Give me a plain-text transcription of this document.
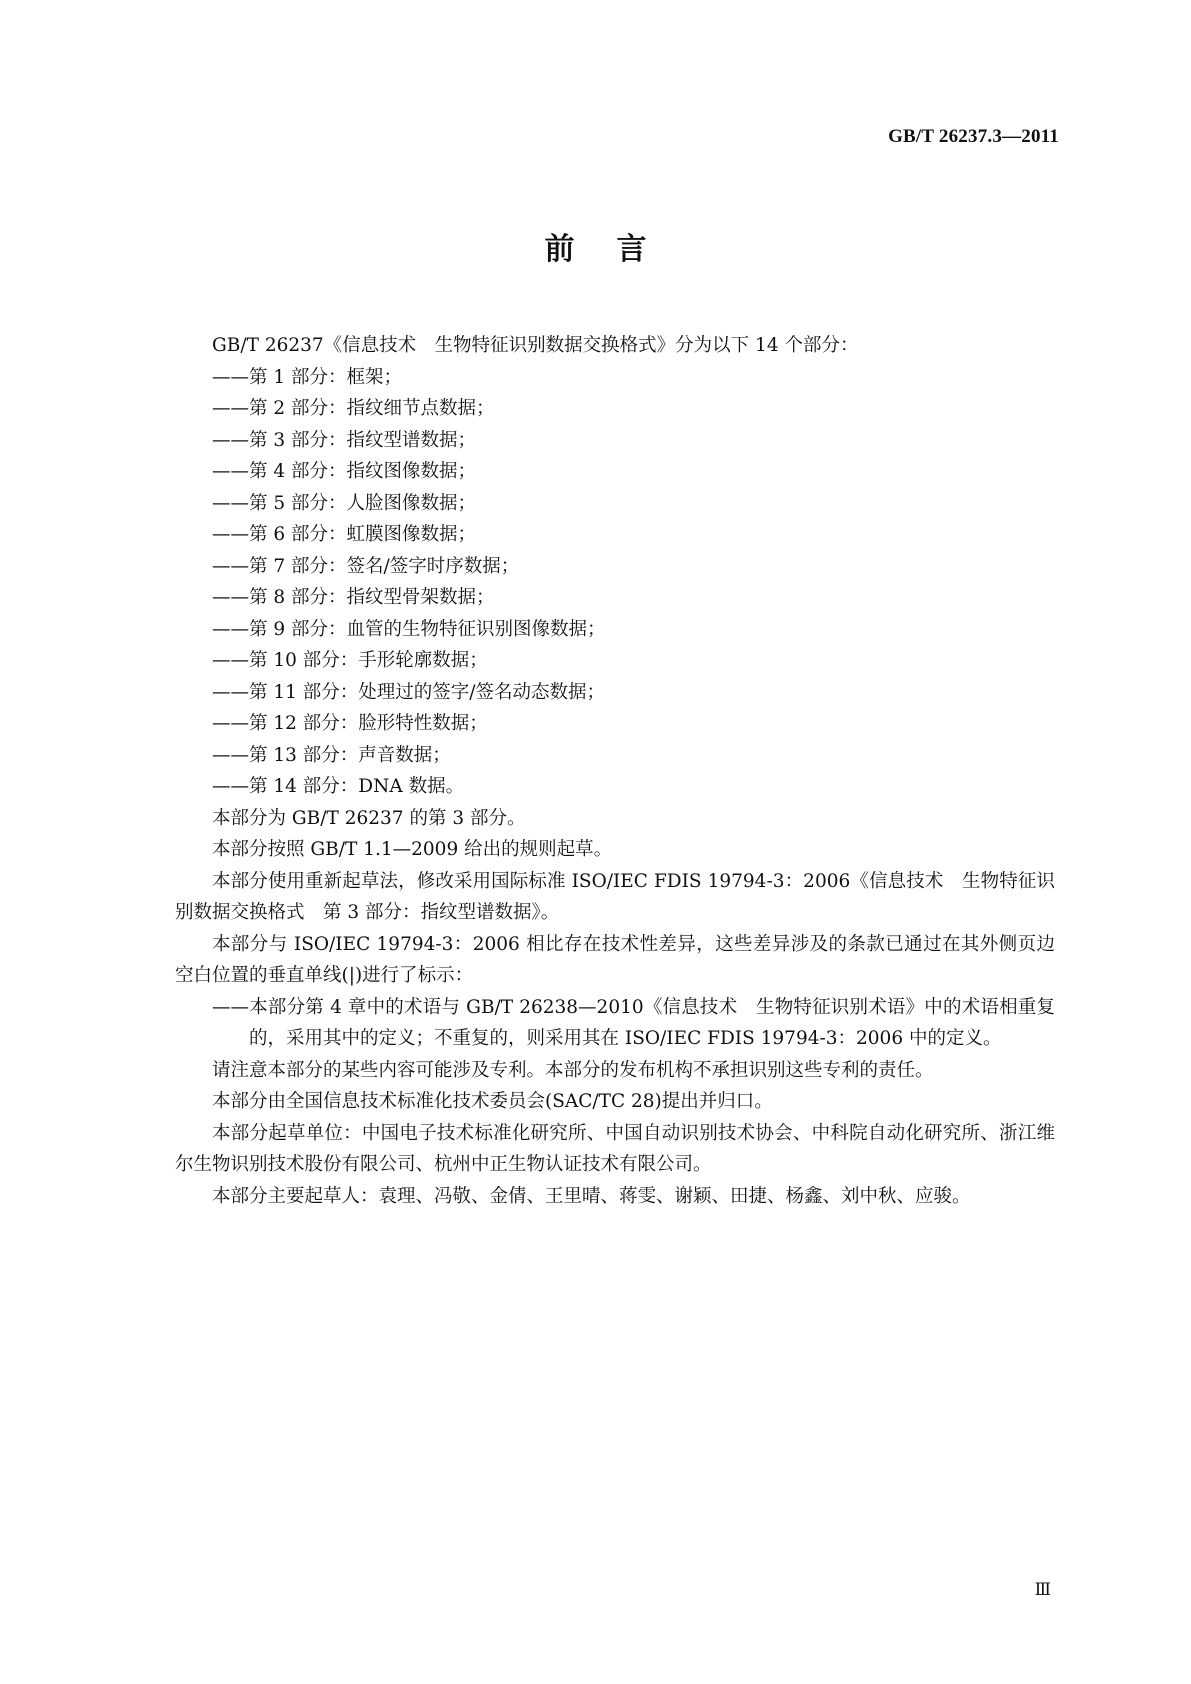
GB/T 26237.3—2011
前言

GB/T 26237《信息技术　生物特征识别数据交换格式》分为以下 14 个部分：

——第 1 部分：框架；

——第 2 部分：指纹细节点数据；

——第 3 部分：指纹型谱数据；

——第 4 部分：指纹图像数据；

——第 5 部分：人脸图像数据；

——第 6 部分：虹膜图像数据；

——第 7 部分：签名/签字时序数据；

——第 8 部分：指纹型骨架数据；

——第 9 部分：血管的生物特征识别图像数据；

——第 10 部分：手形轮廓数据；

——第 11 部分：处理过的签字/签名动态数据；

——第 12 部分：脸形特性数据；

——第 13 部分：声音数据；

——第 14 部分：DNA 数据。

本部分为 GB/T 26237 的第 3 部分。

本部分按照 GB/T 1.1—2009 给出的规则起草。

本部分使用重新起草法，修改采用国际标准 ISO/IEC FDIS 19794-3：2006《信息技术　生物特征识别数据交换格式　第 3 部分：指纹型谱数据》。

本部分与 ISO/IEC 19794-3：2006 相比存在技术性差异，这些差异涉及的条款已通过在其外侧页边空白位置的垂直单线(|)进行了标示：

——本部分第 4 章中的术语与 GB/T 26238—2010《信息技术　生物特征识别术语》中的术语相重复的，采用其中的定义；不重复的，则采用其在 ISO/IEC FDIS 19794-3：2006 中的定义。

请注意本部分的某些内容可能涉及专利。本部分的发布机构不承担识别这些专利的责任。

本部分由全国信息技术标准化技术委员会(SAC/TC 28)提出并归口。

本部分起草单位：中国电子技术标准化研究所、中国自动识别技术协会、中科院自动化研究所、浙江维尔生物识别技术股份有限公司、杭州中正生物认证技术有限公司。

本部分主要起草人：袁理、冯敬、金倩、王里晴、蒋雯、谢颖、田捷、杨鑫、刘中秋、应骏。

Ⅲ
